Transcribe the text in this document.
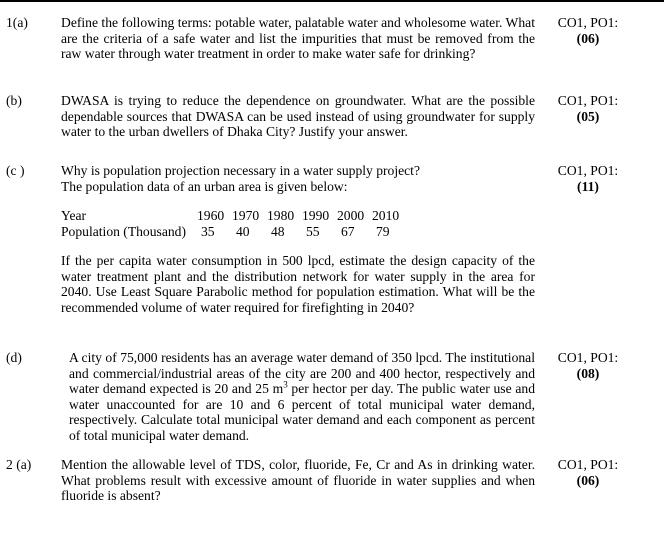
1(a) Define the following terms: potable water, palatable water and wholesome water. What are the criteria of a safe water and list the impurities that must be removed from the raw water through water treatment in order to make water safe for drinking?
CO1, PO1:
(06)
(b)	DWASA is trying to reduce the dependence on groundwater. What are the possible dependable sources that DWASA can be used instead of using groundwater for supply water to the urban dwellers of Dhaka City? Justify your answer.
CO1, PO1:
(05)
(c )	Why is population projection necessary in a water supply project?

The population data of an urban area is given below:

Year	1960 1970 1980 1990 2000 2010
Population (Thousand)	35	40	48	55	67	79

If the per capita water consumption in 500 lpcd, estimate the design capacity of the water treatment plant and the distribution network for water supply in the area for 2040. Use Least Square Parabolic method for population estimation. What will be the recommended volume of water required for firefighting in 2040?

CO1, PO1:
(11)
(d)	A city of 75,000 residents has an average water demand of 350 lpcd. The institutional and commercial/industrial areas of the city are 200 and 400 hector, respectively and water demand expected is 20 and 25 $m^3$ per hector per day. The public water use and water unaccounted for are 10 and 6 percent of total municipal water demand, respectively. Calculate total municipal water demand and each component as percent of total municipal water demand.
CO1, PO1:
(08)
2 (a) Mention the allowable level of TDS, color, fluoride, Fe, Cr and As in drinking water. What problems result with excessive amount of fluoride in water supplies and when fluoride is absent?
CO1, PO1:
(06)
